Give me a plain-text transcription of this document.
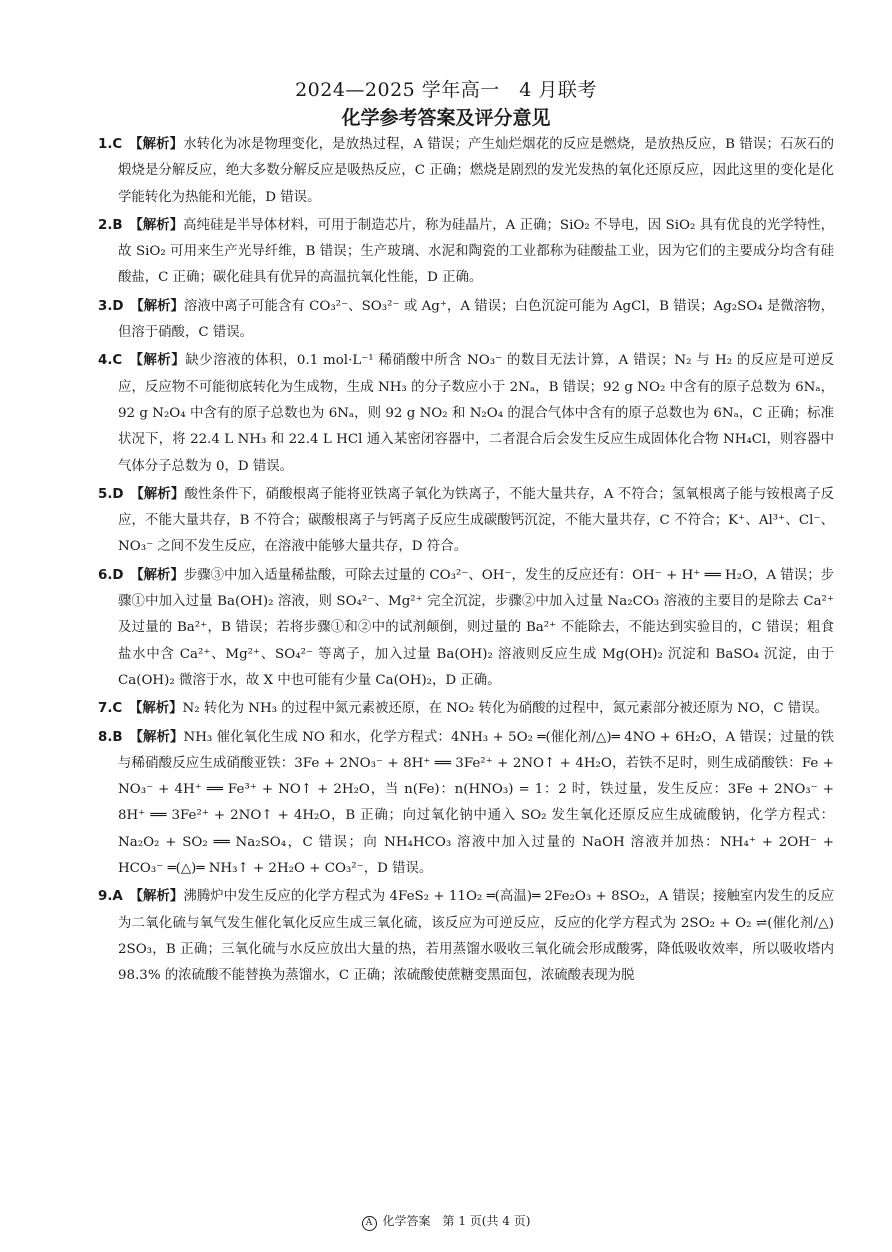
2024—2025 学年高一　4 月联考
化学参考答案及评分意见
1.C  【解析】水转化为冰是物理变化，是放热过程，A 错误；产生灿烂烟花的反应是燃烧，是放热反应，B 错误；石灰石的煅烧是分解反应，绝大多数分解反应是吸热反应，C 正确；燃烧是剧烈的发光发热的氧化还原反应，因此这里的变化是化学能转化为热能和光能，D 错误。
2.B  【解析】高纯硅是半导体材料，可用于制造芯片，称为硅晶片，A 正确；SiO₂ 不导电，因 SiO₂ 具有优良的光学特性，故 SiO₂ 可用来生产光导纤维，B 错误；生产玻璃、水泥和陶瓷的工业都称为硅酸盐工业，因为它们的主要成分均含有硅酸盐，C 正确；碳化硅具有优异的高温抗氧化性能，D 正确。
3.D  【解析】溶液中离子可能含有 CO₃²⁻、SO₃²⁻ 或 Ag⁺，A 错误；白色沉淀可能为 AgCl，B 错误；Ag₂SO₄ 是微溶物，但溶于硝酸，C 错误。
4.C  【解析】缺少溶液的体积，0.1 mol·L⁻¹ 稀硝酸中所含 NO₃⁻ 的数目无法计算，A 错误；N₂ 与 H₂ 的反应是可逆反应，反应物不可能彻底转化为生成物，生成 NH₃ 的分子数应小于 2Nₐ，B 错误；92 g NO₂ 中含有的原子总数为 6Nₐ，92 g N₂O₄ 中含有的原子总数也为 6Nₐ，则 92 g NO₂ 和 N₂O₄ 的混合气体中含有的原子总数也为 6Nₐ，C 正确；标准状况下，将 22.4 L NH₃ 和 22.4 L HCl 通入某密闭容器中，二者混合后会发生反应生成固体化合物 NH₄Cl，则容器中气体分子总数为 0，D 错误。
5.D  【解析】酸性条件下，硝酸根离子能将亚铁离子氧化为铁离子，不能大量共存，A 不符合；氢氧根离子能与铵根离子反应，不能大量共存，B 不符合；碳酸根离子与钙离子反应生成碳酸钙沉淀，不能大量共存，C 不符合；K⁺、Al³⁺、Cl⁻、NO₃⁻ 之间不发生反应，在溶液中能够大量共存，D 符合。
6.D  【解析】步骤③中加入适量稀盐酸，可除去过量的 CO₃²⁻、OH⁻，发生的反应还有：OH⁻ + H⁺ ══ H₂O，A 错误；步骤①中加入过量 Ba(OH)₂ 溶液，则 SO₄²⁻、Mg²⁺ 完全沉淀，步骤②中加入过量 Na₂CO₃ 溶液的主要目的是除去 Ca²⁺ 及过量的 Ba²⁺，B 错误；若将步骤①和②中的试剂颠倒，则过量的 Ba²⁺ 不能除去，不能达到实验目的，C 错误；粗食盐水中含 Ca²⁺、Mg²⁺、SO₄²⁻ 等离子，加入过量 Ba(OH)₂ 溶液则反应生成 Mg(OH)₂ 沉淀和 BaSO₄ 沉淀，由于 Ca(OH)₂ 微溶于水，故 X 中也可能有少量 Ca(OH)₂，D 正确。
7.C  【解析】N₂ 转化为 NH₃ 的过程中氮元素被还原，在 NO₂ 转化为硝酸的过程中，氮元素部分被还原为 NO，C 错误。
8.B  【解析】NH₃ 催化氧化生成 NO 和水，化学方程式：4NH₃ + 5O₂ ═(催化剂/△)═ 4NO + 6H₂O，A 错误；过量的铁与稀硝酸反应生成硝酸亚铁：3Fe + 2NO₃⁻ + 8H⁺ ══ 3Fe²⁺ + 2NO↑ + 4H₂O，若铁不足时，则生成硝酸铁：Fe + NO₃⁻ + 4H⁺ ══ Fe³⁺ + NO↑ + 2H₂O，当 n(Fe)：n(HNO₃) = 1：2 时，铁过量，发生反应：3Fe + 2NO₃⁻ + 8H⁺ ══ 3Fe²⁺ + 2NO↑ + 4H₂O，B 正确；向过氧化钠中通入 SO₂ 发生氧化还原反应生成硫酸钠，化学方程式：Na₂O₂ + SO₂ ══ Na₂SO₄，C 错误；向 NH₄HCO₃ 溶液中加入过量的 NaOH 溶液并加热：NH₄⁺ + 2OH⁻ + HCO₃⁻ ═(△)═ NH₃↑ + 2H₂O + CO₃²⁻，D 错误。
9.A  【解析】沸腾炉中发生反应的化学方程式为 4FeS₂ + 11O₂ ═(高温)═ 2Fe₂O₃ + 8SO₂，A 错误；接触室内发生的反应为二氧化硫与氧气发生催化氧化反应生成三氧化硫，该反应为可逆反应，反应的化学方程式为 2SO₂ + O₂ ⇌(催化剂/△) 2SO₃，B 正确；三氧化硫与水反应放出大量的热，若用蒸馏水吸收三氧化硫会形成酸雾，降低吸收效率，所以吸收塔内 98.3% 的浓硫酸不能替换为蒸馏水，C 正确；浓硫酸使蔗糖变黑面包，浓硫酸表现为脱
A 化学答案　第 1 页(共 4 页)
